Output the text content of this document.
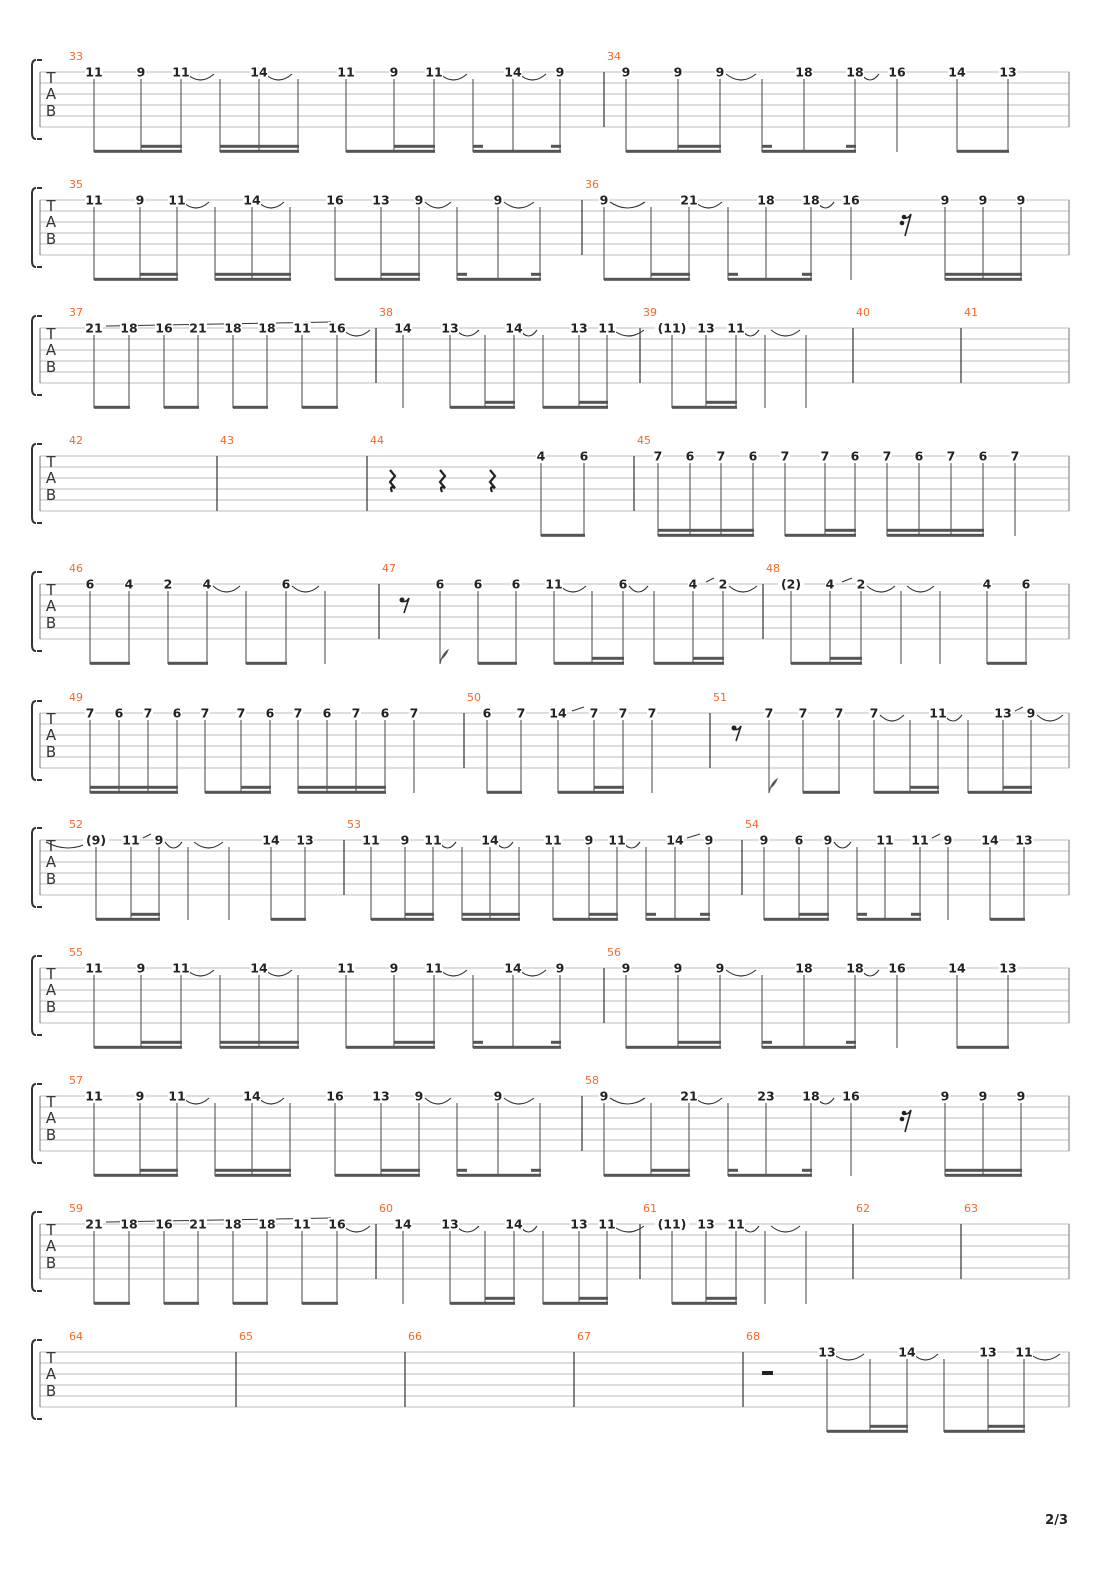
T
A
B
33	34
11	9 11	14	11	9 11	14	9	9	9	9	18	18 16	14	13
T
A
B
35	36
11	9 11	14	16 13 9	9	9	21	18 18 16	9 9 9
T
A
B
37	38	39	40	41
21 18 16 21 18 18 11 16	14 13	14	13 11	(11) 13 11
T
A
B
42	43	44	45
4	6	7 6 7 6 7	7 6 7 6 7 6 7
T
A
B
46	47	48
6 4 2 4	6	6 6 6 11	6	4 2	(2) 4 2	4 6
T
A
B
49	50	51
7 6 7 6 7 7 6 7 6 7 6 7	6 7 14 7 7 7	7 7 7 7	11	13 9
T
A
B
52	53	54
(9) 11 9	14 13	11 9 11	14	11 9 11	14 9	9 6 9	11 11 9 14 13
T
A
B
55	56
11	9 11	14	11	9 11	14	9	9	9	9	18	18 16	14	13
T
A
B
57	58
11	9 11	14	16 13 9	9	9	21	23 18 16	9 9 9
T
A
B
59	60	61	62	63
21 18 16 21 18 18 11 16	14 13	14	13 11	(11) 13 11
T
A
B
64	65	66	67	68
13	14	13 11
2/3
